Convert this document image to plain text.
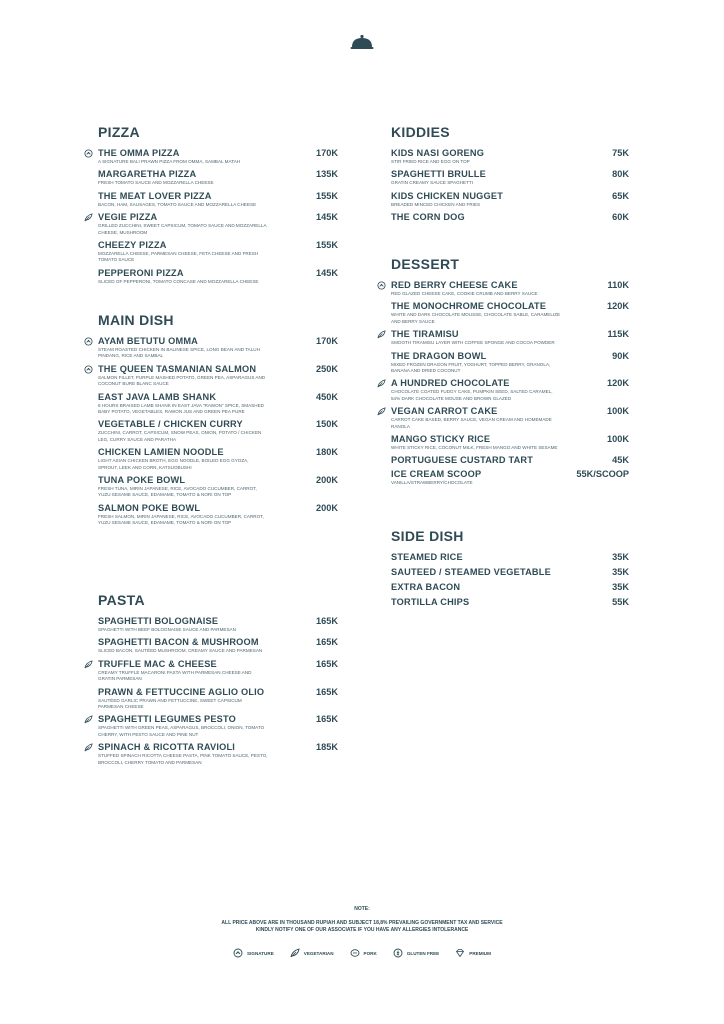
PIZZA
THE OMMA PIZZA	170K
A SIGNATURE BALI PRAWN PIZZA FROM OMMA, SAMBAL MATAH
MARGARETHA PIZZA	135K
FRESH TOMATO SAUCE AND MOZZARELLA CHEESE
THE MEAT LOVER PIZZA	155K
BACON, HAM, SAUSAGES, TOMATO SAUCE AND MOZZARELLA CHEESE
VEGIE PIZZA	145K
GRILLED ZUCCHINI, SWEET CAPSICUM, TOMATO SAUCE AND MOZZARELLA CHEESE, MUSHROOM
CHEEZY PIZZA	155K
MOZZARELLA CHEESE, PARMESAN CHEESE, FETA CHEESE AND FRESH TOMATO SAUCE
PEPPERONI PIZZA	145K
SLICED OF PEPPERONI, TOMATO CONCASE AND MOZZARELLA CHEESE
MAIN DISH
AYAM BETUTU OMMA	170K
STEAM ROASTED CHICKEN IN BALINESE SPICE, LONG BEAN AND TALUH PINDANG, RICE AND SAMBAL
THE QUEEN TASMANIAN SALMON	250K
SALMON FILLET, PURPLE MASHED POTATO, GREEN PEA, ASPARAGUS AND COCONUT BURE BLANC SAUCE
EAST JAVA LAMB SHANK	450K
8 HOURS BRAISED LAMB SHANK IN EAST JAVA "RAWON" SPICE, SMASHED BABY POTATO, VEGETABLES, RAWON JUS AND GREEN PEA PURE
VEGETABLE / CHICKEN CURRY	150K
ZUCCHINI, CARROT, CAPSICUM, SNOW PEAS, ONION, POTATO / CHICKEN LEG, CURRY SAUCE AND PARATHA
CHICKEN LAMIEN NOODLE	180K
LIGHT ASIAN CHICKEN BROTH, EGG NOODLE, BOILED EGG GYOZA, SPROUT, LEEK AND CORN, KATSUOBUSHI
TUNA POKE BOWL	200K
FRESH TUNA, MIRIN JAPANESE, RICE, AVOCADO CUCUMBER, CARROT, YUZU SESAME SAUCE, EDAMAME, TOMATO & NORI ON TOP
SALMON POKE BOWL	200K
FRESH SALMON, MIRIN JAPANESE, RICE, AVOCADO CUCUMBER, CARROT, YUZU SESAME SAUCE, EDAMAME, TOMATO & NORI ON TOP
PASTA
SPAGHETTI BOLOGNAISE	165K
SPAGHETTI WITH BEEF BOLOGNAISE SAUCE AND PARMESAN
SPAGHETTI BACON & MUSHROOM	165K
SLICED BACON, SAUTÉED MUSHROOM, CREAMY SAUCE AND PARMESAN
TRUFFLE MAC & CHEESE	165K
CREAMY TRUFFLE MACARONI PASTA WITH PARMESAN CHEESE AND GRATIN PARMESAN
PRAWN & FETTUCCINE AGLIO OLIO	165K
SAUTÉED GARLIC PRAWN AND FETTUCCINE, SWEET CAPSICUM PARMESAN CHEESE
SPAGHETTI LEGUMES PESTO	165K
SPAGHETTI WITH GREEN PEAS, ASPARAGUS, BROCCOLI, ONION, TOMATO CHERRY, WITH PESTO SAUCE AND PINE NUT
SPINACH & RICOTTA RAVIOLI	185K
STUFFED SPINACH RICOTTA CHEESE PASTA, PINK TOMATO SAUCE, PESTO, BROCCOLI, CHERRY TOMATO AND PARMESAN
KIDDIES
KIDS NASI GORENG	75K
STIR FRIED RICE AND EGG ON TOP
SPAGHETTI BRULLE	80K
GRATIN CREAMY SAUCE SPAGHETTI
KIDS CHICKEN NUGGET	65K
BREADED MINCED CHICKEN AND FRIES
THE CORN DOG	60K
DESSERT
RED BERRY CHEESE CAKE	110K
RED GLAZED CHEESE CAKE, COOKIE CRUMB AND BERRY SAUCE
THE MONOCHROME CHOCOLATE	120K
WHITE AND DARK CHOCOLATE MOUSSE, CHOCOLATE SABLE, CARAMELIZE AND BERRY SAUCE
THE TIRAMISU	115K
SMOOTH TIRAMISU LAYER WITH COFFEE SPONGE AND COCOA POWDER
THE DRAGON BOWL	90K
MIXED FROZEN DRAGON FRUIT, YOGHURT, TOPPED BERRY, GRANOLA, BANANA AND DRIED COCONUT
A HUNDRED CHOCOLATE	120K
CHOCOLATE COATED FUDGY CAKE, PUMPKIN SEED, SALTED CARAMEL, 54% DARK CHOCOLATE MOUSE AND BROWN GLAZED
VEGAN CARROT CAKE	100K
CARROT CAKE BASED, BERRY SAUCE, VEGAN CREAM AND HOMEMADE RANOLA
MANGO STICKY RICE	100K
WHITE STICKY RICE, COCONUT MILK, FRESH MANGO AND WHITE SESAME
PORTUGUESE CUSTARD TART	45K
ICE CREAM SCOOP	55K/SCOOP
VANILLA/STRAWBERRY/CHOCOLATE
SIDE DISH
STEAMED RICE	35K
SAUTEED / STEAMED VEGETABLE	35K
EXTRA BACON	35K
TORTILLA CHIPS	55K
NOTE:
ALL PRICE ABOVE ARE IN THOUSAND RUPIAH AND SUBJECT 18,8% PREVAILING GOVERNMENT TAX AND SERVICE
KINDLY NOTIFY ONE OF OUR ASSOCIATE IF YOU HAVE ANY ALLERGIES INTOLERANCE
SIGNATURE	VEGETARIAN	PORK	GLUTEN FREE	PREMIUM
